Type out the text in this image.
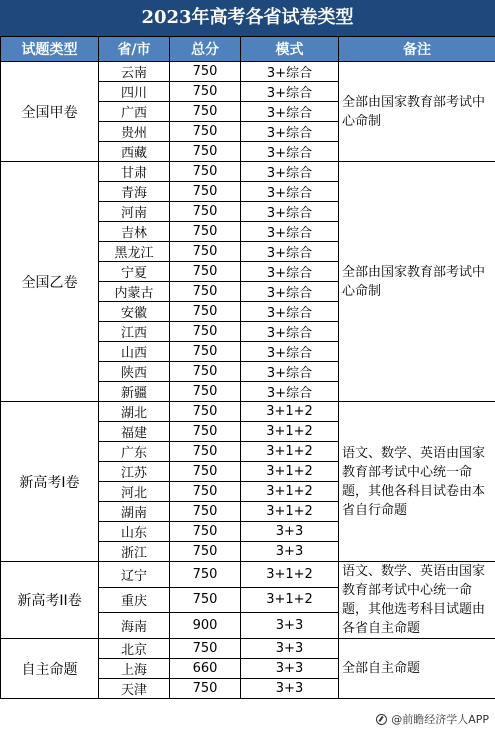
2023年高考各省试卷类型
试题类型	省/市	总分	模式	备注
全国甲卷	云南	750	3+综合	全部由国家教育部考试中心命制
	四川	750	3+综合	
	广西	750	3+综合	
	贵州	750	3+综合	
	西藏	750	3+综合	
全国乙卷	甘肃	750	3+综合	全部由国家教育部考试中心命制
	青海	750	3+综合	
	河南	750	3+综合	
	吉林	750	3+综合	
	黑龙江	750	3+综合	
	宁夏	750	3+综合	
	内蒙古	750	3+综合	
	安徽	750	3+综合	
	江西	750	3+综合	
	山西	750	3+综合	
	陕西	750	3+综合	
	新疆	750	3+综合	
新高考I卷	湖北	750	3+1+2	语文、数学、英语由国家教育部考试中心统一命题，其他各科目试卷由本省自行命题
	福建	750	3+1+2	
	广东	750	3+1+2	
	江苏	750	3+1+2	
	河北	750	3+1+2	
	湖南	750	3+1+2	
	山东	750	3+3	
	浙江	750	3+3	
新高考II卷	辽宁	750	3+1+2	语文、数学、英语由国家教育部考试中心统一命题，其他选考科目试题由各省自主命题
	重庆	750	3+1+2	
	海南	900	3+3	
自主命题	北京	750	3+3	全部自主命题
	上海	660	3+3	
	天津	750	3+3	
@前瞻经济学人APP
